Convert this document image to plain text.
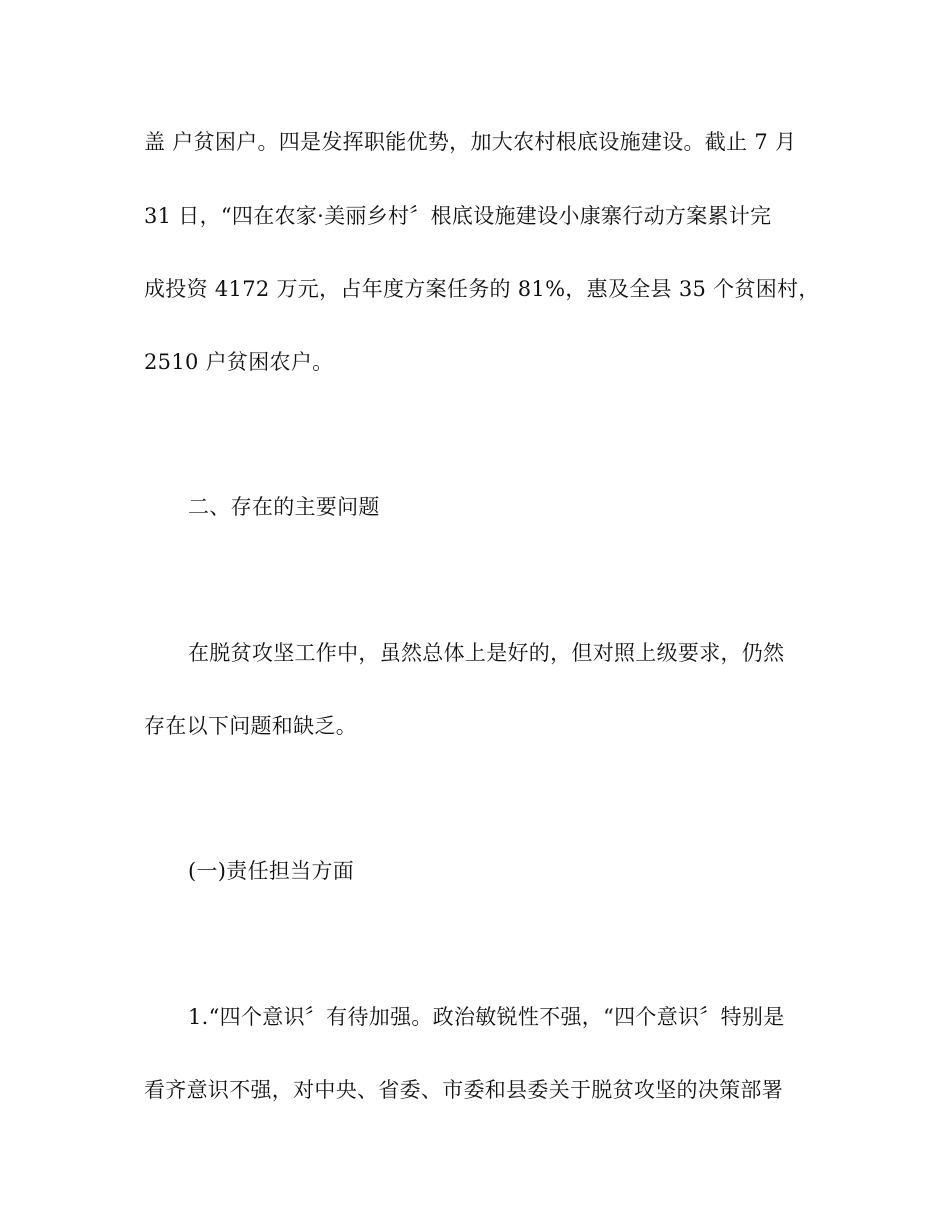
盖 户贫困户。四是发挥职能优势，加大农村根底设施建设。截止 7 月
31 日，“四在农家·美丽乡村〞根底设施建设小康寨行动方案累计完
成投资 4172 万元，占年度方案任务的 81%，惠及全县 35 个贫困村，
2510 户贫困农户。
二、存在的主要问题
在脱贫攻坚工作中，虽然总体上是好的，但对照上级要求，仍然
存在以下问题和缺乏。
(一)责任担当方面
1.“四个意识〞有待加强。政治敏锐性不强，“四个意识〞特别是
看齐意识不强，对中央、省委、市委和县委关于脱贫攻坚的决策部署
